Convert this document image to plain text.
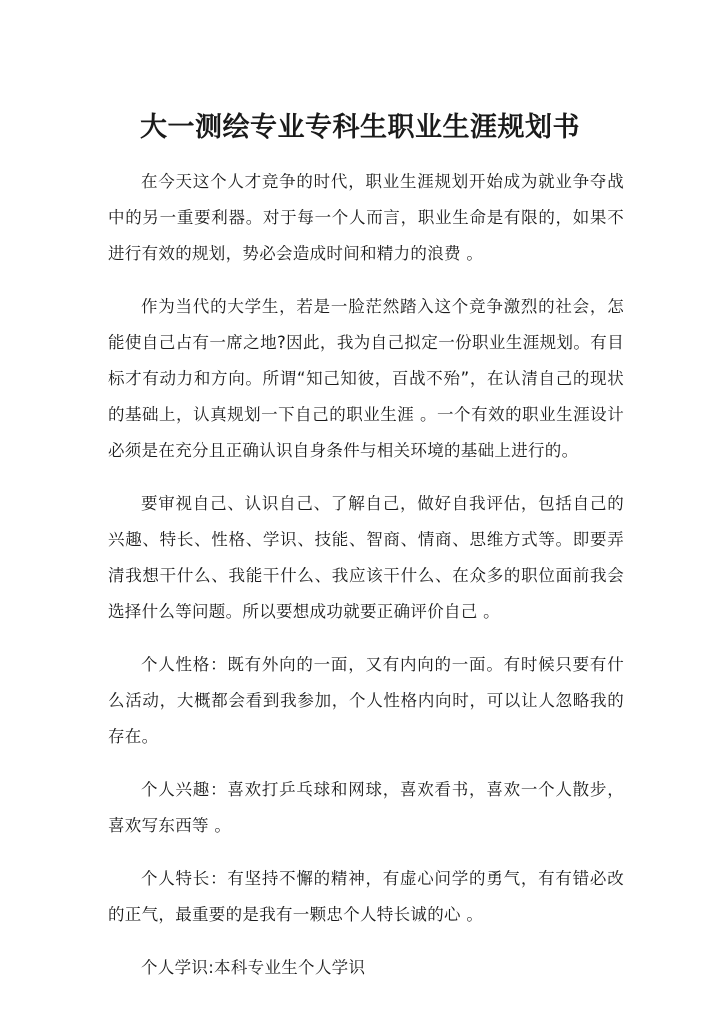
大一测绘专业专科生职业生涯规划书

在今天这个人才竞争的时代，职业生涯规划开始成为就业争夺战中的另一重要利器。对于每一个人而言，职业生命是有限的，如果不进行有效的规划，势必会造成时间和精力的浪费 。

作为当代的大学生，若是一脸茫然踏入这个竞争激烈的社会，怎能使自己占有一席之地?因此，我为自己拟定一份职业生涯规划。有目标才有动力和方向。所谓“知己知彼，百战不殆”，在认清自己的现状的基础上，认真规划一下自己的职业生涯 。一个有效的职业生涯设计必须是在充分且正确认识自身条件与相关环境的基础上进行的。

要审视自己、认识自己、了解自己，做好自我评估，包括自己的兴趣、特长、性格、学识、技能、智商、情商、思维方式等。即要弄清我想干什么、我能干什么、我应该干什么、在众多的职位面前我会选择什么等问题。所以要想成功就要正确评价自己 。

个人性格：既有外向的一面，又有内向的一面。有时候只要有什么活动，大概都会看到我参加，个人性格内向时，可以让人忽略我的存在。

个人兴趣：喜欢打乒乓球和网球，喜欢看书，喜欢一个人散步，喜欢写东西等 。

个人特长：有坚持不懈的精神，有虚心问学的勇气，有有错必改的正气，最重要的是我有一颗忠个人特长诚的心 。

个人学识:本科专业生个人学识
